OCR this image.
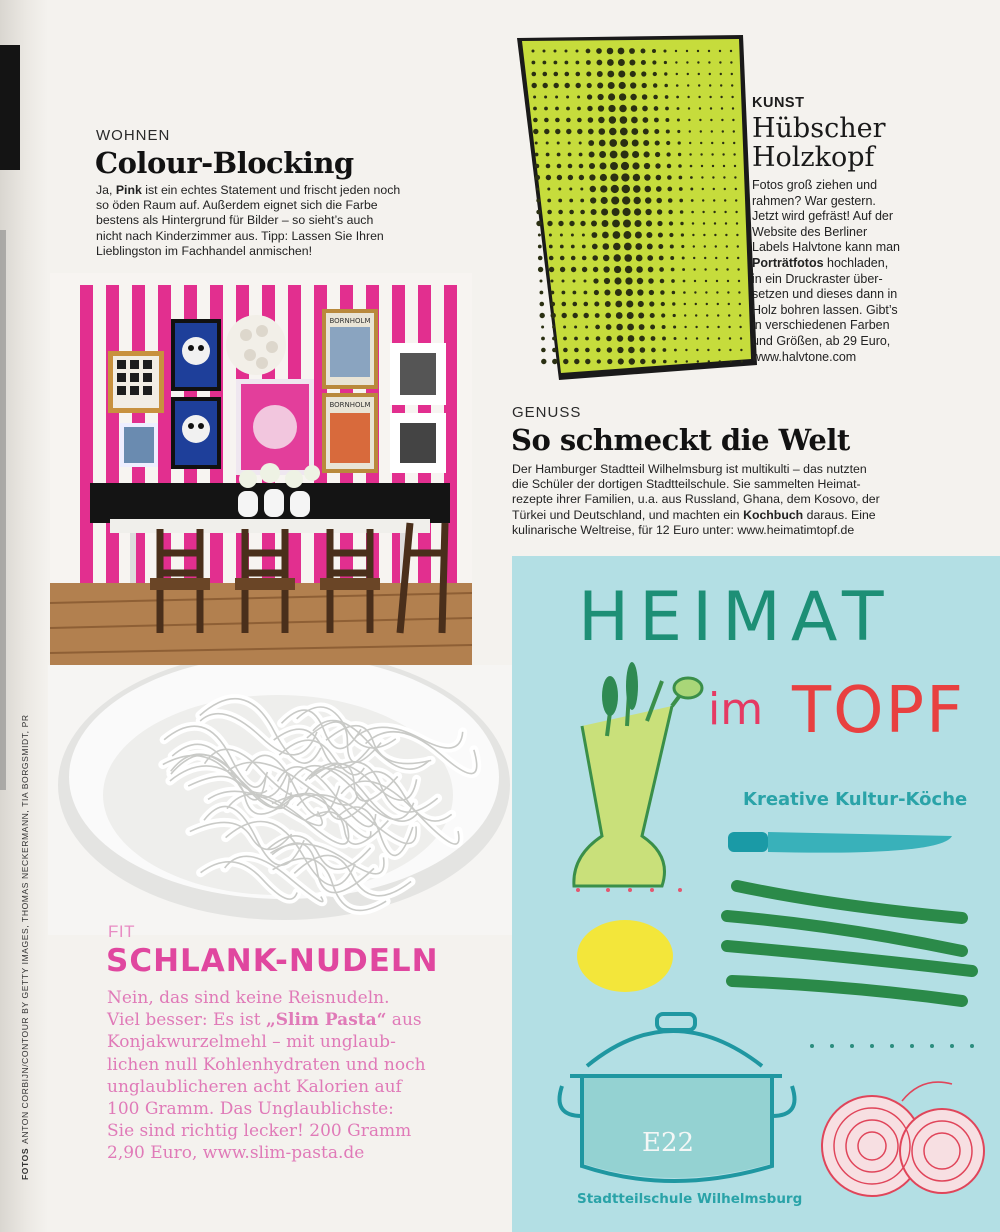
FOTOSANTON CORBIJN/CONTOUR BY GETTY IMAGES, THOMAS NECKERMANN, TIA BORGSMIDT, PR
WOHNEN
Colour-Blocking
Ja, Pink ist ein echtes Statement und frischt jeden noch
so öden Raum auf. Außerdem eignet sich die Farbe
bestens als Hintergrund für Bilder – so sieht’s auch
nicht nach Kinderzimmer aus. Tipp: Lassen Sie Ihren
Lieblingston im Fachhandel anmischen!
BORNHOLM
BORNHOLM
FIT
SCHLANK-NUDELN
Nein, das sind keine Reisnudeln.
Viel besser: Es ist „Slim Pasta“ aus
Konjakwurzelmehl – mit unglaub-
lichen null Kohlenhydraten und noch
unglaublicheren acht Kalorien auf
100 Gramm. Das Unglaublichste:
Sie sind richtig lecker! 200 Gramm
2,90 Euro, www.slim-pasta.de
KUNST
Hübscher
Holzkopf
Fotos groß ziehen und
rahmen? War gestern.
Jetzt wird gefräst! Auf der
Website des Berliner
Labels Halvtone kann man
Porträtfotos hochladen,
in ein Druckraster über-
setzen und dieses dann in
Holz bohren lassen. Gibt’s
in verschiedenen Farben
und Größen, ab 29 Euro,
www.halvtone.com
GENUSS
So schmeckt die Welt
Der Hamburger Stadtteil Wilhelmsburg ist multikulti – das nutzten
die Schüler der dortigen Stadtteilschule. Sie sammelten Heimat-
rezepte ihrer Familien, u.a. aus Russland, Ghana, dem Kosovo, der
Türkei und Deutschland, und machten ein Kochbuch daraus. Eine
kulinarische Weltreise, für 12 Euro unter: www.heimatimtopf.de
HEIMAT
im TOPF
Kreative Kultur-Köche
E22
Stadtteilschule Wilhelmsburg
